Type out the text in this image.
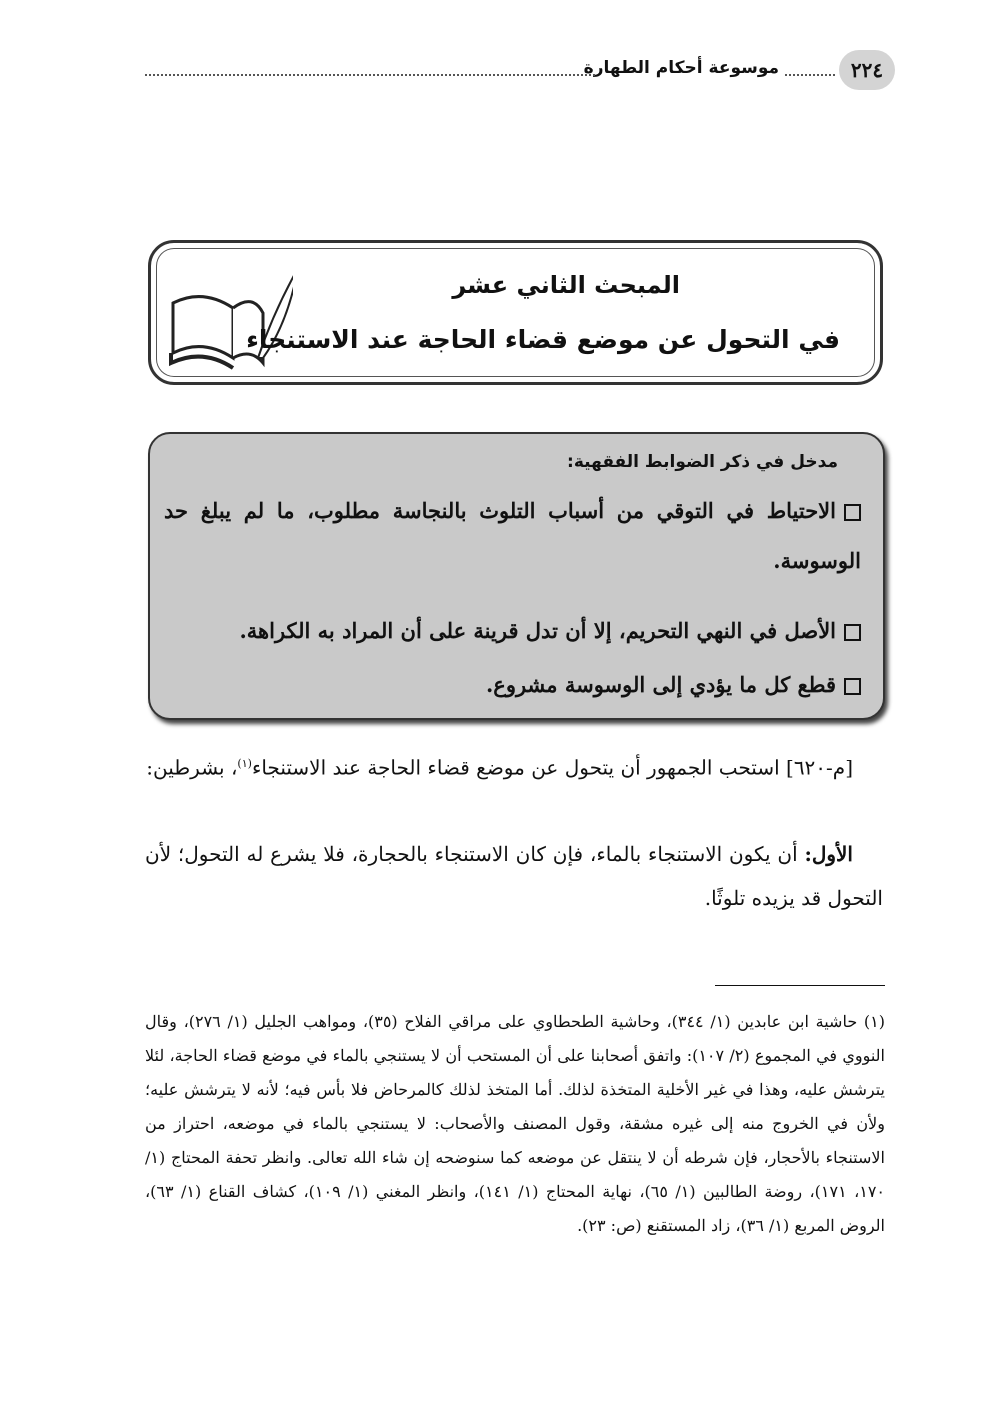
٢٢٤
موسوعة أحكام الطهارة
المبحث الثاني عشر
في التحول عن موضع قضاء الحاجة عند الاستنجاء
مدخل في ذكر الضوابط الفقهية:
الاحتياط في التوقي من أسباب التلوث بالنجاسة مطلوب، ما لم يبلغ حد الوسوسة.
الأصل في النهي التحريم، إلا أن تدل قرينة على أن المراد به الكراهة.
قطع كل ما يؤدي إلى الوسوسة مشروع.
[م-٦٢٠] استحب الجمهور أن يتحول عن موضع قضاء الحاجة عند الاستنجاء$^{(١)}$، بشرطين:
الأول: أن يكون الاستنجاء بالماء، فإن كان الاستنجاء بالحجارة، فلا يشرع له التحول؛ لأن التحول قد يزيده تلوثًا.
(١) حاشية ابن عابدين (١/ ٣٤٤)، وحاشية الطحطاوي على مراقي الفلاح (٣٥)، ومواهب الجليل (١/ ٢٧٦)، وقال النووي في المجموع (٢/ ١٠٧): واتفق أصحابنا على أن المستحب أن لا يستنجي بالماء في موضع قضاء الحاجة، لئلا يترشش عليه، وهذا في غير الأخلية المتخذة لذلك. أما المتخذ لذلك كالمرحاض فلا بأس فيه؛ لأنه لا يترشش عليه؛ ولأن في الخروج منه إلى غيره مشقة، وقول المصنف والأصحاب: لا يستنجي بالماء في موضعه، احتراز من الاستنجاء بالأحجار، فإن شرطه أن لا ينتقل عن موضعه كما سنوضحه إن شاء الله تعالى. وانظر تحفة المحتاج (١/ ١٧٠، ١٧١)، روضة الطالبين (١/ ٦٥)، نهاية المحتاج (١/ ١٤١)، وانظر المغني (١/ ١٠٩)، كشاف القناع (١/ ٦٣)، الروض المربع (١/ ٣٦)، زاد المستقنع (ص: ٢٣).
